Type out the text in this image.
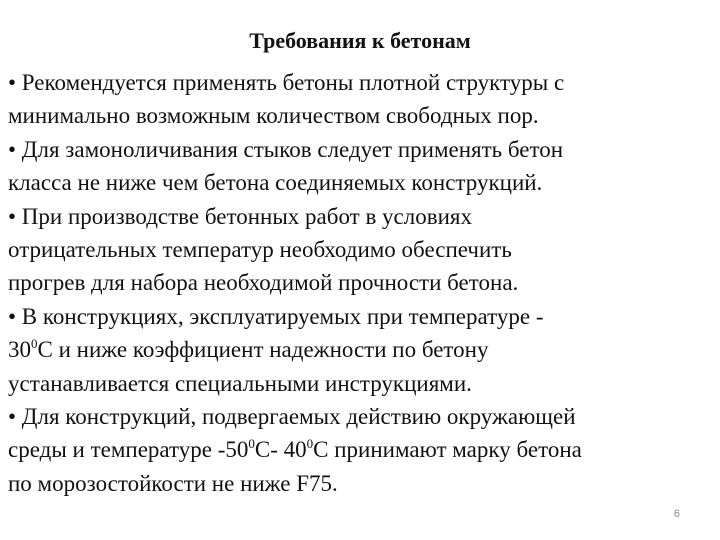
Требования к бетонам
• Рекомендуется применять бетоны плотной структуры с
минимально возможным количеством свободных пор.
• Для замоноличивания стыков следует применять бетон
класса не ниже чем бетона соединяемых конструкций.
• При производстве бетонных работ в условиях
отрицательных температур необходимо обеспечить
прогрев для набора необходимой прочности бетона.
• В конструкциях, эксплуатируемых при температуре -
$30^0С$ и ниже коэффициент надежности по бетону
устанавливается специальными инструкциями.
• Для конструкций, подвергаемых действию окружающей
среды и температуре $-50^0С-$ $40^0С$ принимают марку бетона
по морозостойкости не ниже F75.
6
